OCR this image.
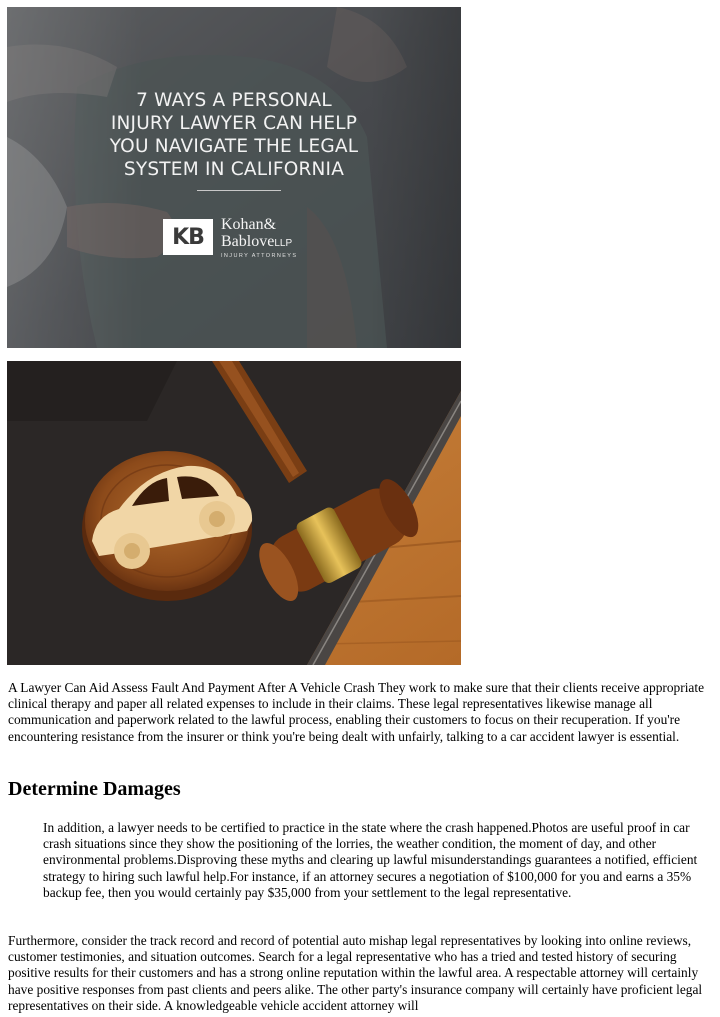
7 WAYS A PERSONAL
INJURY LAWYER CAN HELP
YOU NAVIGATE THE LEGAL
SYSTEM IN CALIFORNIA
KB Kohan&
BabloveLLP
INJURY ATTORNEYS

A Lawyer Can Aid Assess Fault And Payment After A Vehicle Crash They work to make sure that their clients receive appropriate clinical therapy and paper all related expenses to include in their claims. These legal representatives likewise manage all communication and paperwork related to the lawful process, enabling their customers to focus on their recuperation. If you're encountering resistance from the insurer or think you're being dealt with unfairly, talking to a car accident lawyer is essential.

Determine Damages

In addition, a lawyer needs to be certified to practice in the state where the crash happened.Photos are useful proof in car crash situations since they show the positioning of the lorries, the weather condition, the moment of day, and other environmental problems.Disproving these myths and clearing up lawful misunderstandings guarantees a notified, efficient strategy to hiring such lawful help.For instance, if an attorney secures a negotiation of $100,000 for you and earns a 35% backup fee, then you would certainly pay $35,000 from your settlement to the legal representative.

Furthermore, consider the track record and record of potential auto mishap legal representatives by looking into online reviews, customer testimonies, and situation outcomes. Search for a legal representative who has a tried and tested history of securing positive results for their customers and has a strong online reputation within the lawful area. A respectable attorney will certainly have positive responses from past clients and peers alike. The other party's insurance company will certainly have proficient legal representatives on their side. A knowledgeable vehicle accident attorney will
